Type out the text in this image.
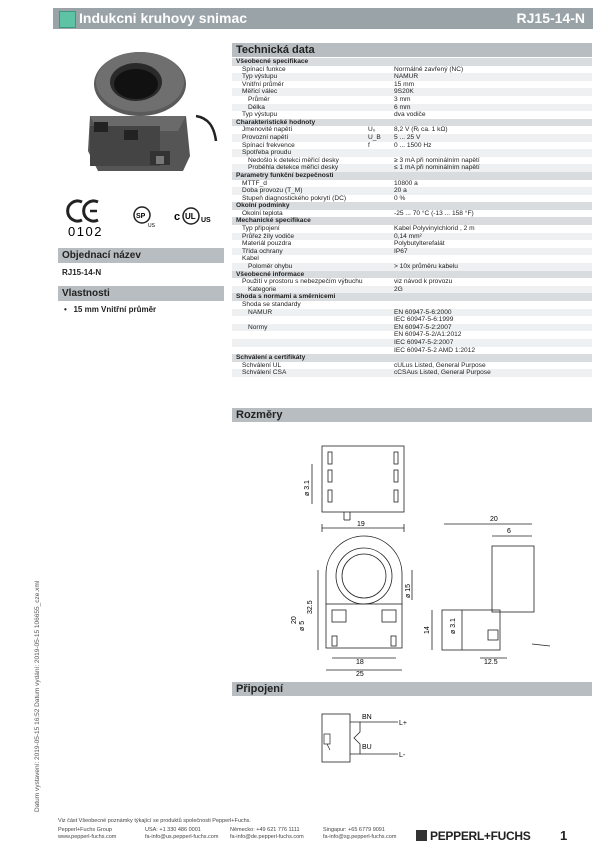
Indukcni kruhovy snimac	RJ15-14-N
Datum vystavení: 2019-05-15 16:52 Datum vydání: 2019-05-15 106655_cze.xml
0102
SP
US
c UL US
Objednací název
RJ15-14-N
Vlastnosti
•   15 mm Vnitřní průměr
Technická data
Všeobecné specifikace		
Spínací funkce		Normálně zavřený (NC)
Typ výstupu		NAMUR
Vnitřní průměr		15 mm
Měřicí válec		9S20K
Průměr		3 mm
Délka		6 mm
Typ výstupu		dva vodiče
Charakteristické hodnoty		
Jmenovité napětí	U₀	8,2 V (Rᵢ ca. 1 kΩ)
Provozní napětí	U_B	5 ... 25 V
Spínací frekvence	f	0 ... 1500 Hz
Spotřeba proudu		
Nedošlo k detekci měřicí desky		≥ 3 mA při nominálním napětí
Proběhla detekce měřicí desky		≤ 1 mA při nominálním napětí
Parametry funkční bezpečnosti		
MTTF_d		10800 a
Doba provozu (T_M)		20 a
Stupeň diagnostického pokrytí (DC)		0 %
Okolní podmínky		
Okolní teplota		-25 ... 70 °C (-13 ... 158 °F)
Mechanické specifikace		
Typ připojení		Kabel Polyvinylchlorid , 2 m
Průřez žíly vodiče		0,14 mm²
Materiál pouzdra		Polybutylterefalát
Třída ochrany		IP67
Kabel		
Poloměr ohybu		> 10x průměru kabelu
Všeobecné informace		
Použití v prostoru s nebezpečím výbuchu		viz návod k provozu
Kategorie		2G
Shoda s normami a směrnicemi		
Shoda se standardy		
NAMUR		EN 60947-5-6:2000
		IEC 60947-5-6:1999
Normy		EN 60947-5-2:2007
		EN 60947-5-2/A1:2012
		IEC 60947-5-2:2007
		IEC 60947-5-2 AMD 1:2012
Schválení a certifikáty		
Schválení UL		cULus Listed, General Purpose
Schválení CSA		cCSAus Listed, General Purpose
Rozměry
ø 3.1
19
32.5
20
ø 5
ø 15
18
25
20
6
14	ø 3.1
12.5
Připojení
BN
BU
L+
L-
Viz část Všeobecné poznámky týkající se produktů společnosti Pepperl+Fuchs.
Pepperl+Fuchs Group
www.pepperl-fuchs.com
USA: +1 330 486 0001
fa-info@us.pepperl-fuchs.com
Německo: +49 621 776 1111
fa-info@de.pepperl-fuchs.com
Singapur: +65 6779 9091
fa-info@sg.pepperl-fuchs.com	PEPPERL+FUCHS 1
